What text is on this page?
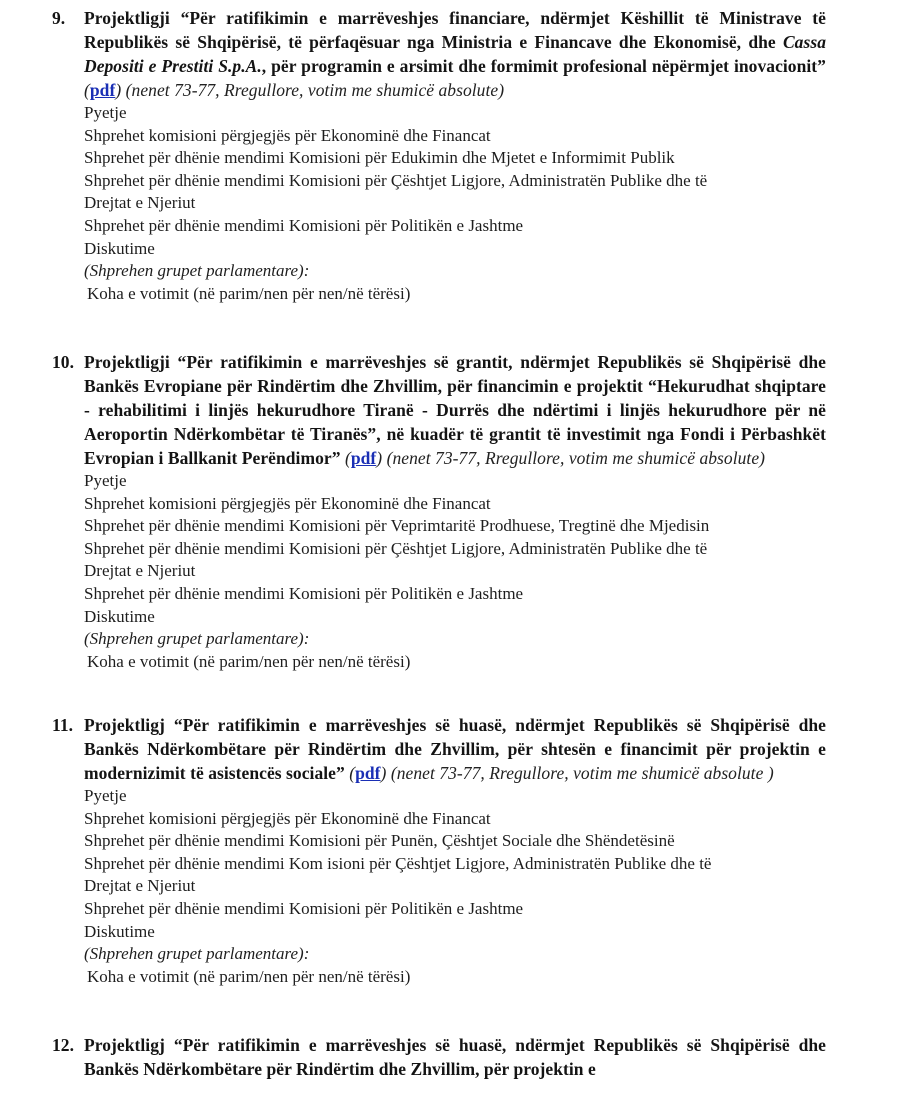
9. Projektligji “Për ratifikimin e marrëveshjes financiare, ndërmjet Këshillit të Ministrave të Republikës së Shqipërisë, të përfaqësuar nga Ministria e Financave dhe Ekonomisë, dhe Cassa Depositi e Prestiti S.p.A., për programin e arsimit dhe formimit profesional nëpërmjet inovacionit” (pdf) (nenet 73-77, Rregullore, votim me shumicë absolute)
Pyetje
Shprehet komisioni përgjegjës për Ekonominë dhe Financat
Shprehet për dhënie mendimi Komisioni për Edukimin dhe Mjetet e Informimit Publik
Shprehet për dhënie mendimi Komisioni për Çështjet Ligjore, Administratën Publike dhe të
Drejtat e Njeriut
Shprehet për dhënie mendimi Komisioni për Politikën e Jashtme
Diskutime
(Shprehen grupet parlamentare):
Koha e votimit (në parim/nen për nen/në tërësi)
10. Projektligji “Për ratifikimin e marrëveshjes së grantit, ndërmjet Republikës së Shqipërisë dhe Bankës Evropiane për Rindërtim dhe Zhvillim, për financimin e projektit “Hekurudhat shqiptare - rehabilitimi i linjës hekurudhore Tiranë - Durrës dhe ndërtimi i linjës hekurudhore për në Aeroportin Ndërkombëtar të Tiranës”, në kuadër të grantit të investimit nga Fondi i Përbashkët Evropian i Ballkanit Perëndimor” (pdf) (nenet 73-77, Rregullore, votim me shumicë absolute)
Pyetje
Shprehet komisioni përgjegjës për Ekonominë dhe Financat
Shprehet për dhënie mendimi Komisioni për Veprimtaritë Prodhuese, Tregtinë dhe Mjedisin
Shprehet për dhënie mendimi Komisioni për Çështjet Ligjore, Administratën Publike dhe të
Drejtat e Njeriut
Shprehet për dhënie mendimi Komisioni për Politikën e Jashtme
Diskutime
(Shprehen grupet parlamentare):
Koha e votimit (në parim/nen për nen/në tërësi)
11. Projektligj “Për ratifikimin e marrëveshjes së huasë, ndërmjet Republikës së Shqipërisë dhe Bankës Ndërkombëtare për Rindërtim dhe Zhvillim, për shtesën e financimit për projektin e modernizimit të asistencës sociale” (pdf) (nenet 73-77, Rregullore, votim me shumicë absolute )
Pyetje
Shprehet komisioni përgjegjës për Ekonominë dhe Financat
Shprehet për dhënie mendimi Komisioni për Punën, Çështjet Sociale dhe Shëndetësinë
Shprehet për dhënie mendimi Kom isioni për Çështjet Ligjore, Administratën Publike dhe të
Drejtat e Njeriut
Shprehet për dhënie mendimi Komisioni për Politikën e Jashtme
Diskutime
(Shprehen grupet parlamentare):
Koha e votimit (në parim/nen për nen/në tërësi)
12. Projektligj “Për ratifikimin e marrëveshjes së huasë, ndërmjet Republikës së Shqipërisë dhe Bankës Ndërkombëtare për Rindërtim dhe Zhvillim, për projektin e
